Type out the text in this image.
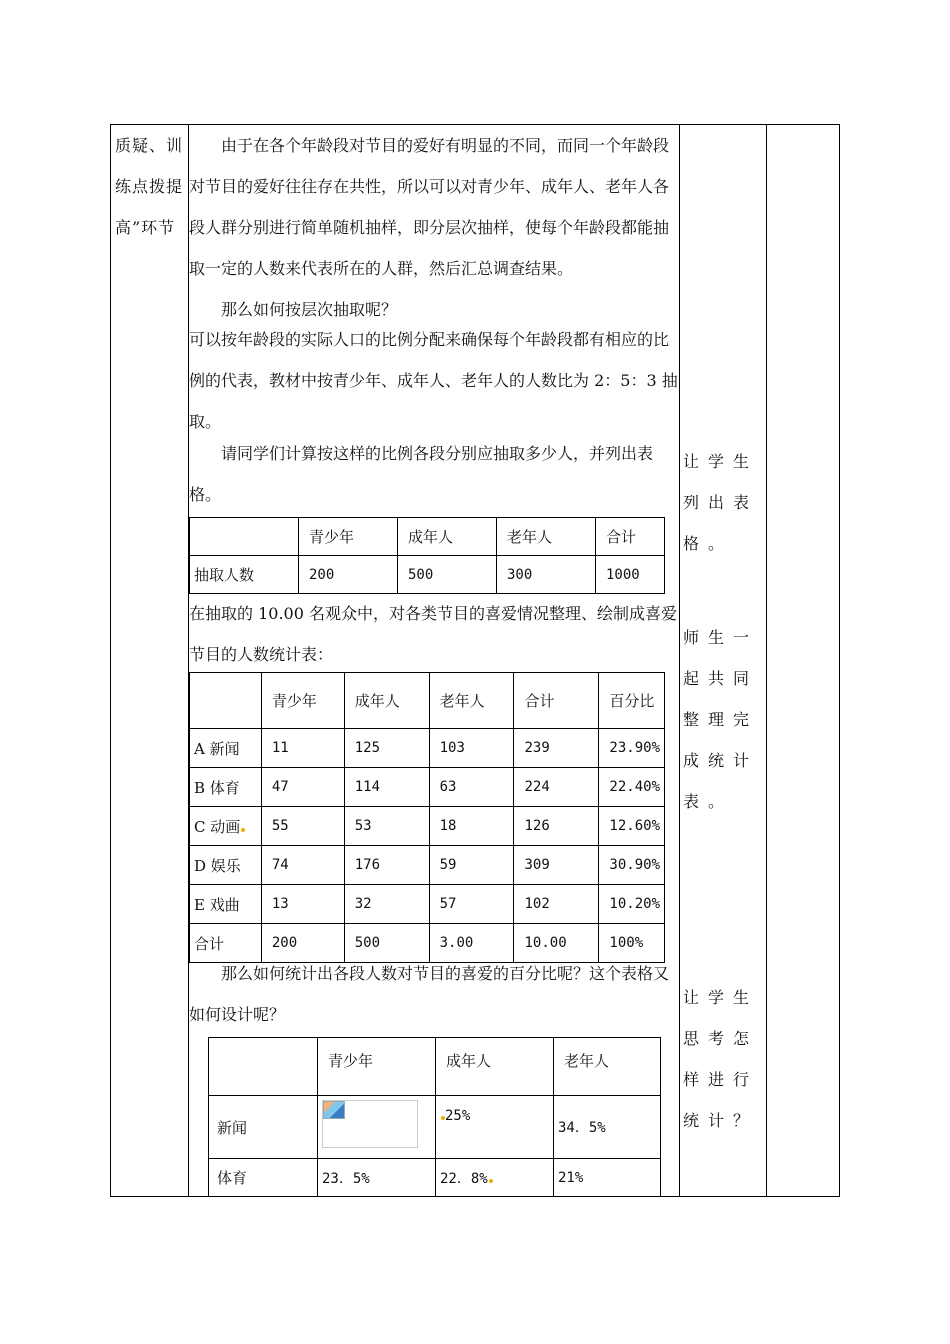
质疑、训练点拨提高”环节
由于在各个年龄段对节目的爱好有明显的不同，而同一个年龄段对节目的爱好往往存在共性，所以可以对青少年、成年人、老年人各段人群分别进行简单随机抽样，即分层次抽样，使每个年龄段都能抽取一定的人数来代表所在的人群，然后汇总调查结果。
那么如何按层次抽取呢？
可以按年龄段的实际人口的比例分配来确保每个年龄段都有相应的比例的代表，教材中按青少年、成年人、老年人的人数比为 2：5：3 抽取。
请同学们计算按这样的比例各段分别应抽取多少人，并列出表格。
	青少年	成年人	老年人	合计
抽取人数	200	500	300	1000
在抽取的 10.00 名观众中，对各类节目的喜爱情况整理、绘制成喜爱节目的人数统计表：
	青少年	成年人	老年人	合计	百分比
A 新闻	11	125	103	239	23.90%
B 体育	47	114	63	224	22.40%
C 动画	55	53	18	126	12.60%
D 娱乐	74	176	59	309	30.90%
E 戏曲	13	32	57	102	10.20%
合计	200	500	3.00	10.00	100%
那么如何统计出各段人数对节目的喜爱的百分比呢？这个表格又如何设计呢？
	青少年	成年人	老年人
新闻		25%	34．5%
体育	23．5%	22．8%	21%
让学生列出表格。
师生一起共同整理完成统计表。
让学生思考怎样进行统计？
